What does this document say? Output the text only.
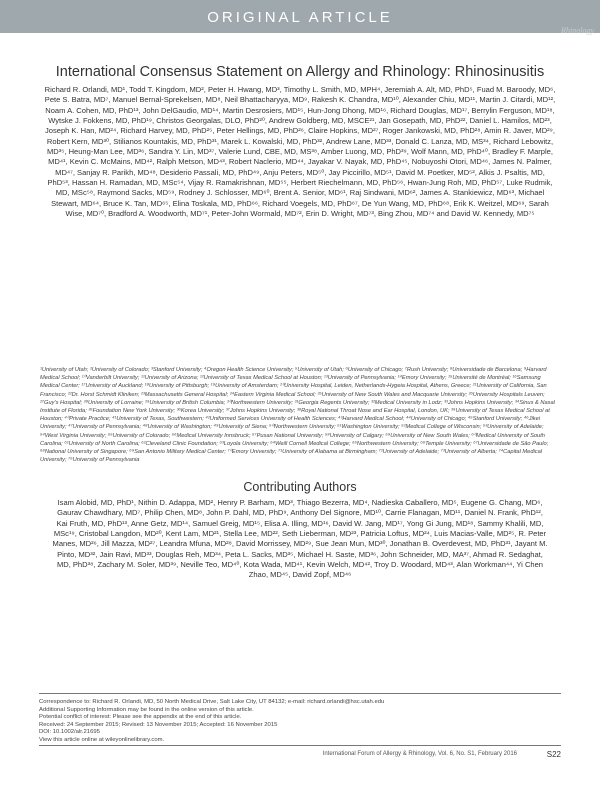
ORIGINAL ARTICLE
Rhinology
International Consensus Statement on Allergy and Rhinology: Rhinosinusitis
Richard R. Orlandi, MD¹, Todd T. Kingdom, MD², Peter H. Hwang, MD³, Timothy L. Smith, MD, MPH⁴, Jeremiah A. Alt, MD, PhD⁵, Fuad M. Baroody, MD⁶, Pete S. Batra, MD⁷, Manuel Bernal-Sprekelsen, MD⁸, Neil Bhattacharyya, MD⁹, Rakesh K. Chandra, MD¹⁰, Alexander Chiu, MD¹¹, Martin J. Citardi, MD¹², Noam A. Cohen, MD, PhD¹³, John DelGaudio, MD¹⁴, Martin Desrosiers, MD¹⁵, Hun-Jong Dhong, MD¹⁶, Richard Douglas, MD¹⁷, Berrylin Ferguson, MD¹⁸, Wytske J. Fokkens, MD, PhD¹⁹, Christos Georgalas, DLO, PhD²⁰, Andrew Goldberg, MD, MSCE²¹, Jan Gosepath, MD, PhD²², Daniel L. Hamilos, MD²³, Joseph K. Han, MD²⁴, Richard Harvey, MD, PhD²⁵, Peter Hellings, MD, PhD²⁶, Claire Hopkins, MD²⁷, Roger Jankowski, MD, PhD²⁸, Amin R. Javer, MD²⁹, Robert Kern, MD³⁰, Stilianos Kountakis, MD, PhD³¹, Marek L. Kowalski, MD, PhD³², Andrew Lane, MD³³, Donald C. Lanza, MD, MS³⁴, Richard Lebowitz, MD³⁵, Heung-Man Lee, MD³⁶, Sandra Y. Lin, MD³⁷, Valerie Lund, CBE, MD, MS³⁸, Amber Luong, MD, PhD³⁹, Wolf Mann, MD, PhD⁴⁰, Bradley F. Marple, MD⁴¹, Kevin C. McMains, MD⁴², Ralph Metson, MD⁴³, Robert Naclerio, MD⁴⁴, Jayakar V. Nayak, MD, PhD⁴⁵, Nobuyoshi Otori, MD⁴⁶, James N. Palmer, MD⁴⁷, Sanjay R. Parikh, MD⁴⁸, Desiderio Passali, MD, PhD⁴⁹, Anju Peters, MD⁵⁰, Jay Piccirillo, MD⁵¹, David M. Poetker, MD⁵², Alkis J. Psaltis, MD, PhD⁵³, Hassan H. Ramadan, MD, MSc⁵⁴, Vijay R. Ramakrishnan, MD⁵⁵, Herbert Riechelmann, MD, PhD⁵⁶, Hwan-Jung Roh, MD, PhD⁵⁷, Luke Rudmik, MD, MSc⁵⁸, Raymond Sacks, MD⁵⁹, Rodney J. Schlosser, MD⁶⁰, Brent A. Senior, MD⁶¹, Raj Sindwani, MD⁶², James A. Stankiewicz, MD⁶³, Michael Stewart, MD⁶⁴, Bruce K. Tan, MD⁶⁵, Elina Toskala, MD, PhD⁶⁶, Richard Voegels, MD, PhD⁶⁷, De Yun Wang, MD, PhD⁶⁸, Erik K. Weitzel, MD⁶⁹, Sarah Wise, MD⁷⁰, Bradford A. Woodworth, MD⁷¹, Peter-John Wormald, MD⁷², Erin D. Wright, MD⁷³, Bing Zhou, MD⁷⁴ and David W. Kennedy, MD⁷⁵
¹University of Utah; ²University of Colorado; ³Stanford University; ⁴Oregon Health Science University; ⁵University of Utah; ⁶University of Chicago; ⁷Rush University; ⁸Universidade de Barcelona; ⁹Harvard Medical School; ¹⁰Vanderbilt University; ¹¹University of Arizona; ¹²University of Texas Medical School at Houston; ¹³University of Pennsylvania; ¹⁴Emory University; ¹⁵Université de Montréal; ¹⁶Samsung Medical Center; ¹⁷University of Auckland; ¹⁸University of Pittsburgh; ¹⁹University of Amsterdam; ²⁰University Hospital, Leiden, Netherlands-Hygeia Hospital, Athens, Greece; ²¹University of California, San Francisco; ²²Dr. Horst Schmidt Kliniken; ²³Massachusetts General Hospital; ²⁴Eastern Virginia Medical School; ²⁵University of New South Wales and Macquarie University; ²⁶University Hospitals Leuven; ²⁷Guy's Hospital; ²⁸University of Lorraine; ²⁹University of British Columbia; ³⁰Northwestern University; ³¹Georgia Regents University; ³²Medical University in Lodz; ³³Johns Hopkins University; ³⁴Sinus & Nasal Institute of Florida; ³⁵Foundation New York University; ³⁶Korea University; ³⁷Johns Hopkins University; ³⁸Royal National Throat Nose and Ear Hospital, London, UK; ³⁹University of Texas Medical School at Houston; ⁴⁰Private Practice; ⁴¹University of Texas, Southwestern; ⁴²Uniformed Services University of Health Sciences; ⁴³Harvard Medical School; ⁴⁴University of Chicago; ⁴⁵Stanford University; ⁴⁶Jikei University; ⁴⁷University of Pennsylvania; ⁴⁸University of Washington; ⁴⁹University of Siena; ⁵⁰Northwestern University; ⁵¹Washington University; ⁵²Medical College of Wisconsin; ⁵³University of Adelaide; ⁵⁴West Virginia University; ⁵⁵University of Colorado; ⁵⁶Medical University Innsbruck; ⁵⁷Pusan National University; ⁵⁸University of Calgary; ⁵⁹University of New South Wales; ⁶⁰Medical University of South Carolina; ⁶¹University of North Carolina; ⁶²Cleveland Clinic Foundation; ⁶³Loyola University; ⁶⁴Weill Cornell Medical College; ⁶⁵Northwestern University; ⁶⁶Temple University; ⁶⁷Universidade de São Paulo; ⁶⁸National University of Singapore; ⁶⁹San Antonio Military Medical Center; ⁷⁰Emory University; ⁷¹University of Alabama at Birmingham; ⁷²University of Adelaide; ⁷³University of Alberta; ⁷⁴Capital Medical University; ⁷⁵University of Pennsylvania
Contributing Authors
Isam Alobid, MD, PhD¹, Nithin D. Adappa, MD², Henry P. Barham, MD³, Thiago Bezerra, MD⁴, Nadieska Caballero, MD⁵, Eugene G. Chang, MD⁶, Gaurav Chawdhary, MD⁷, Philip Chen, MD⁸, John P. Dahl, MD, PhD⁹, Anthony Del Signore, MD¹⁰, Carrie Flanagan, MD¹¹, Daniel N. Frank, PhD¹², Kai Fruth, MD, PhD¹³, Anne Getz, MD¹⁴, Samuel Greig, MD¹⁵, Elisa A. Illing, MD¹⁶, David W. Jang, MD¹⁷, Yong Gi Jung, MD¹⁸, Sammy Khalili, MD, MSc¹⁹, Cristobal Langdon, MD²⁰, Kent Lam, MD²¹, Stella Lee, MD²², Seth Lieberman, MD²³, Patricia Loftus, MD²⁴, Luis Macias-Valle, MD²⁵, R. Peter Manes, MD²⁶, Jill Mazza, MD²⁷, Leandra Mfuna, MD²⁸, David Morrissey, MD²⁹, Sue Jean Mun, MD³⁰, Jonathan B. Overdevest, MD, PhD³¹, Jayant M. Pinto, MD³², Jain Ravi, MD³³, Douglas Reh, MD³⁴, Peta L. Sacks, MD³⁵, Michael H. Saste, MD³⁶, John Schneider, MD, MA³⁷, Ahmad R. Sedaghat, MD, PhD³⁸, Zachary M. Soler, MD³⁹, Neville Teo, MD⁴⁰, Kota Wada, MD⁴¹, Kevin Welch, MD⁴², Troy D. Woodard, MD⁴³, Alan Workman⁴⁴, Yi Chen Zhao, MD⁴⁵, David Zopf, MD⁴⁶
Correspondence to: Richard R. Orlandi, MD, 50 North Medical Drive, Salt Lake City, UT 84132; e-mail: richard.orlandi@hsc.utah.edu
Additional Supporting Information may be found in the online version of this article.
Potential conflict of interest: Please see the appendix at the end of this article.
Received: 24 September 2015; Revised: 13 November 2015; Accepted: 16 November 2015
DOI: 10.1002/alr.21695
View this article online at wileyonlinelibrary.com.
International Forum of Allergy & Rhinology, Vol. 6, No. S1, February 2016	S22
